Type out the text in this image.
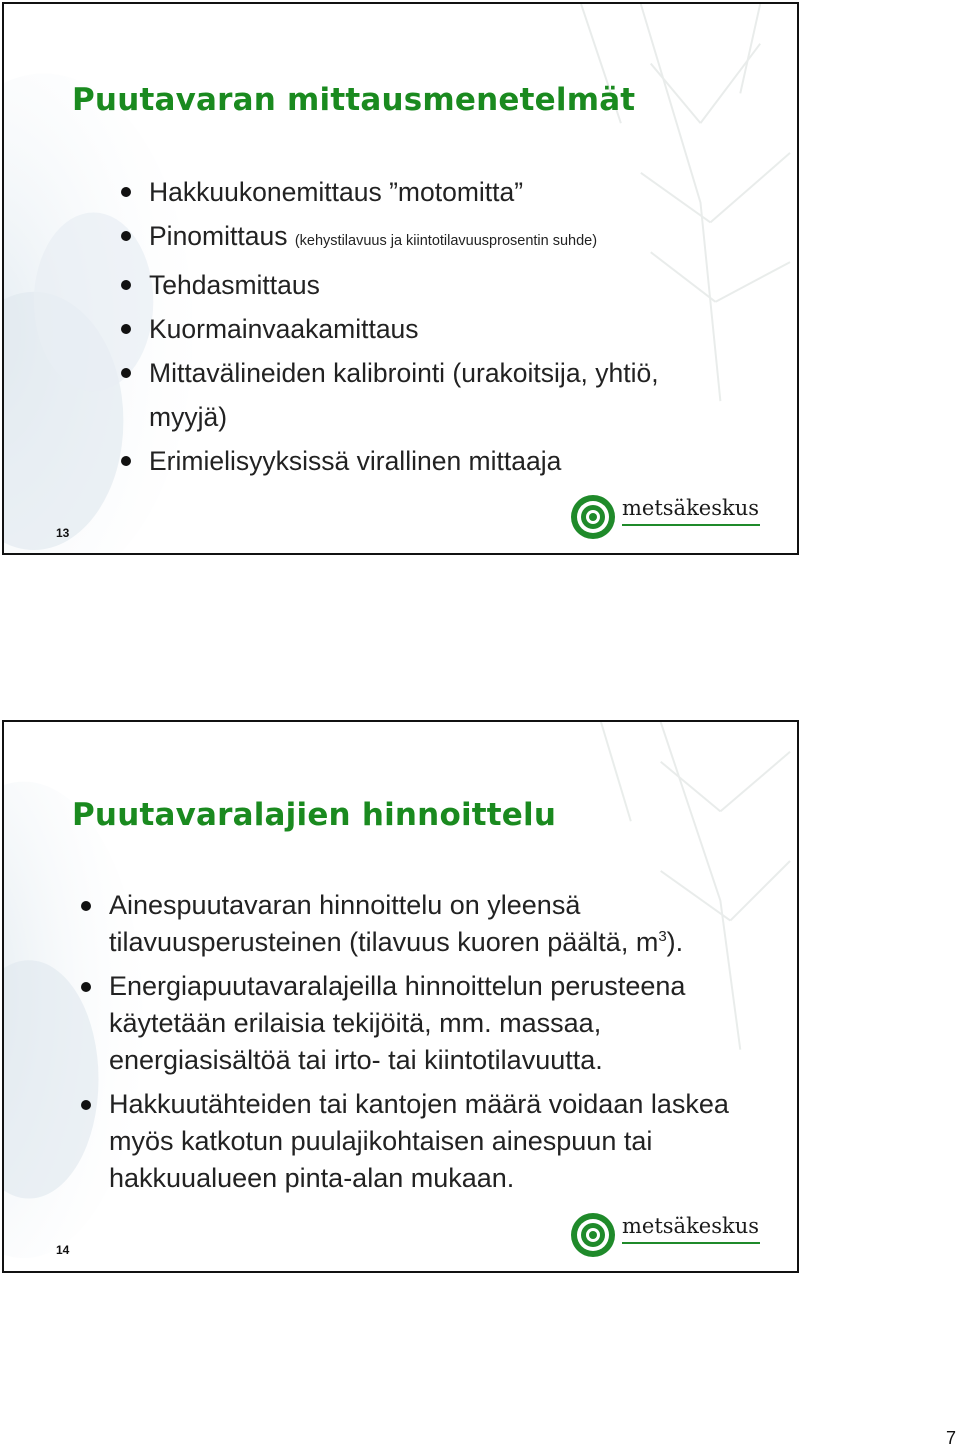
Puutavaran mittausmenetelmät
Hakkuukonemittaus ”motomitta”
Pinomittaus (kehystilavuus ja kiintotilavuusprosentin suhde)
Tehdasmittaus
Kuormainvaakamittaus
Mittavälineiden kalibrointi (urakoitsija, yhtiö, myyjä)
Erimielisyyksissä virallinen mittaaja
13
metsäkeskus
Puutavaralajien hinnoittelu
Ainespuutavaran hinnoittelu on yleensä tilavuusperusteinen (tilavuus kuoren päältä, $m^3$).
Energiapuutavaralajeilla hinnoittelun perusteena käytetään erilaisia tekijöitä, mm. massaa, energiasisältöä tai irto- tai kiintotilavuutta.
Hakkuutähteiden tai kantojen määrä voidaan laskea myös katkotun puulajikohtaisen ainespuun tai hakkuualueen pinta-alan mukaan.
14
metsäkeskus
7
